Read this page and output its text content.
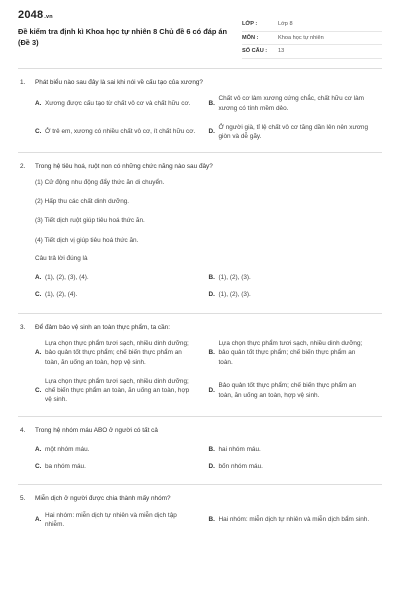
2048.vn
Đề kiểm tra định kì Khoa học tự nhiên 8 Chủ đề 6 có đáp án (Đề 3)
LỚP :	Lớp 8
MÔN :	Khoa học tự nhiên
SỐ CÂU :	13
1.	Phát biểu nào sau đây là sai khi nói về cấu tạo của xương?
A. Xương được cấu tạo từ chất vô cơ và chất hữu cơ.	B.
Chất vô cơ làm xương cứng chắc, chất hữu cơ làm xương có tính mềm dẻo.
C. Ở trẻ em, xương có nhiều chất vô cơ, ít chất hữu cơ.	D.
Ở người già, tỉ lệ chất vô cơ tăng dần lên nên xương giòn và dễ gãy.
2.	Trong hệ tiêu hoá, ruột non có những chức năng nào sau đây?
(1) Cử động nhu động đẩy thức ăn di chuyển.
(2) Hấp thu các chất dinh dưỡng.
(3) Tiết dịch ruột giúp tiêu hoá thức ăn.
(4) Tiết dịch vị giúp tiêu hoá thức ăn.
Câu trả lời đúng là
A. (1), (2), (3), (4).	B. (1), (2), (3).
C. (1), (2), (4).	D. (1), (2), (3).
3.	Để đảm bảo vệ sinh an toàn thực phẩm, ta cần:
A.
Lựa chọn thực phẩm tươi sạch, nhiều dinh dưỡng; bảo quản tốt thực phẩm; chế biến thực phẩm an toàn, ăn uống an toàn, hợp vệ sinh.
B.
Lựa chọn thực phẩm tươi sạch, nhiều dinh dưỡng; bảo quản tốt thực phẩm; chế biến thực phẩm an toàn.
C.
Lựa chọn thực phẩm tươi sạch, nhiều dinh dưỡng; chế biến thực phẩm an toàn, ăn uống an toàn, hợp vệ sinh.
D.
Bảo quản tốt thực phẩm; chế biến thực phẩm an toàn, ăn uống an toàn, hợp vệ sinh.
4.	Trong hệ nhóm máu ABO ở người có tất cả
A. một nhóm máu.	B. hai nhóm máu.
C. ba nhóm máu.	D. bốn nhóm máu.
5.	Miễn dịch ở người được chia thành mấy nhóm?
A.
Hai nhóm: miễn dịch tự nhiên và miễn dịch tập nhiễm.
B. Hai nhóm: miễn dịch tự nhiên và miễn dịch bẩm sinh.
